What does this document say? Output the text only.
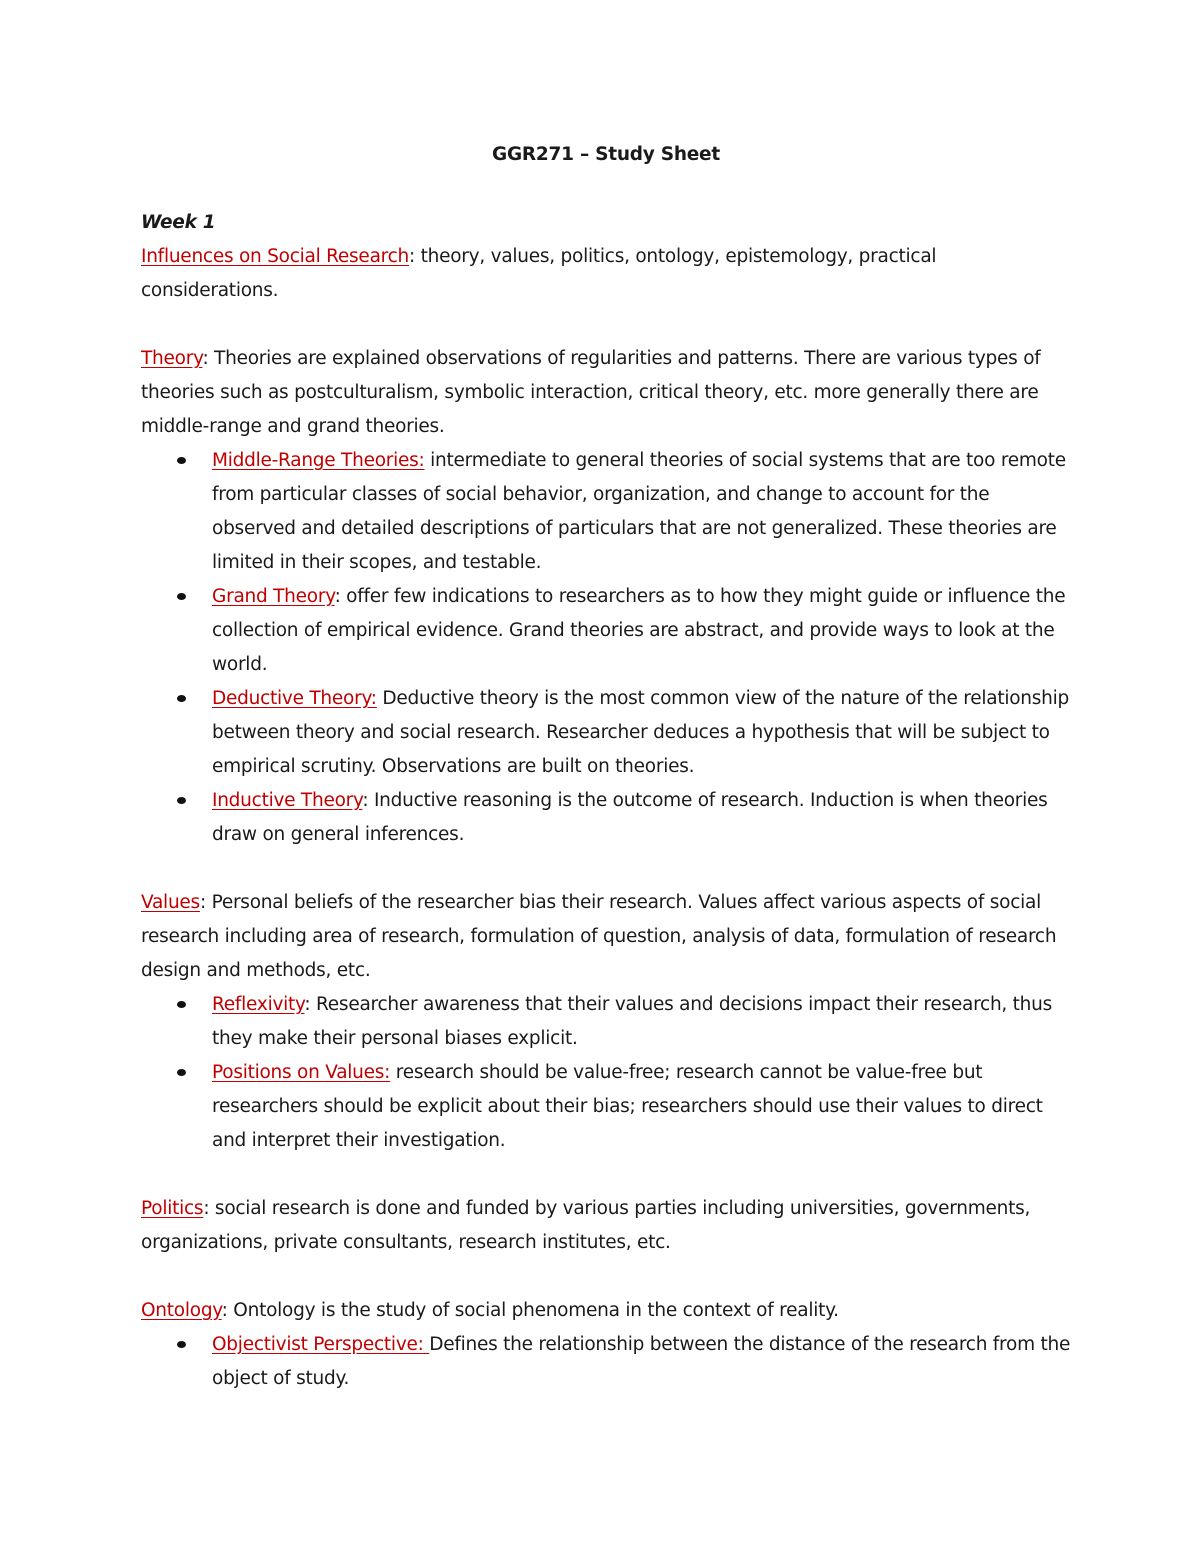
GGR271 – Study Sheet

Week 1

Influences on Social Research: theory, values, politics, ontology, epistemology, practical considerations.

Theory: Theories are explained observations of regularities and patterns. There are various types of theories such as postculturalism, symbolic interaction, critical theory, etc. more generally there are middle-range and grand theories.

Middle-Range Theories: intermediate to general theories of social systems that are too remote from particular classes of social behavior, organization, and change to account for the observed and detailed descriptions of particulars that are not generalized. These theories are limited in their scopes, and testable.
Grand Theory: offer few indications to researchers as to how they might guide or influence the collection of empirical evidence. Grand theories are abstract, and provide ways to look at the world.
Deductive Theory: Deductive theory is the most common view of the nature of the relationship between theory and social research. Researcher deduces a hypothesis that will be subject to empirical scrutiny. Observations are built on theories.
Inductive Theory: Inductive reasoning is the outcome of research. Induction is when theories draw on general inferences.

Values: Personal beliefs of the researcher bias their research. Values affect various aspects of social research including area of research, formulation of question, analysis of data, formulation of research design and methods, etc.

Reflexivity: Researcher awareness that their values and decisions impact their research, thus they make their personal biases explicit.
Positions on Values: research should be value-free; research cannot be value-free but researchers should be explicit about their bias; researchers should use their values to direct and interpret their investigation.

Politics: social research is done and funded by various parties including universities, governments, organizations, private consultants, research institutes, etc.

Ontology: Ontology is the study of social phenomena in the context of reality.

Objectivist Perspective: Defines the relationship between the distance of the research from the object of study.
